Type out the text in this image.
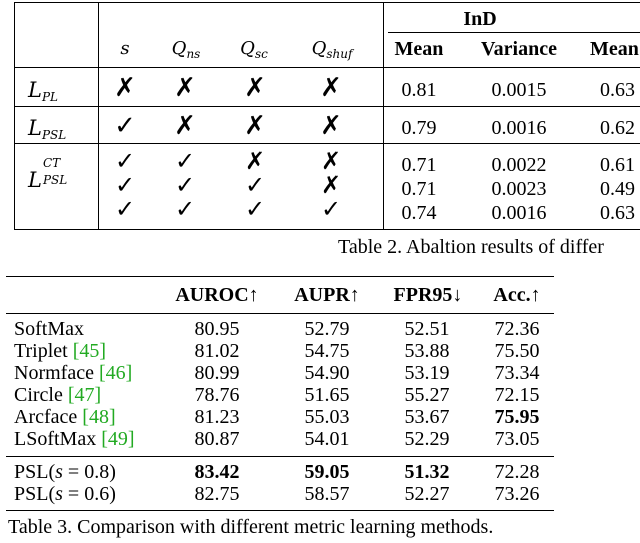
InD
s	$Q_{ns}$	$Q_{sc}$	$Q_{shuf}$	Mean	Variance	Mean
$L_{PL}$ ✗ ✗ ✗ ✗	0.81	0.0015	0.63
$L_{PSL}$ ✓ ✗ ✗ ✗	0.79	0.0016	0.62
L
CT
PSL
✓ ✓ ✗ ✗	0.71	0.0022	0.61
✓ ✓ ✓ ✗	0.71	0.0023	0.49
✓ ✓ ✓ ✓	0.74	0.0016	0.63
Table 2. Abaltion results of differ
AUROC↑	AUPR↑	FPR95↓	Acc.↑
SoftMax	80.95	52.79	52.51	72.36
Triplet [45]	81.02	54.75	53.88	75.50
Normface [46]	80.99	54.90	53.19	73.34
Circle [47]	78.76	51.65	55.27	72.15
Arcface [48]	81.23	55.03	53.67	75.95
LSoftMax [49]	80.87	54.01	52.29	73.05
PSL(s = 0.8)	83.42	59.05	51.32	72.28
PSL(s = 0.6)	82.75	58.57	52.27	73.26
Table 3. Comparison with different metric learning methods.
